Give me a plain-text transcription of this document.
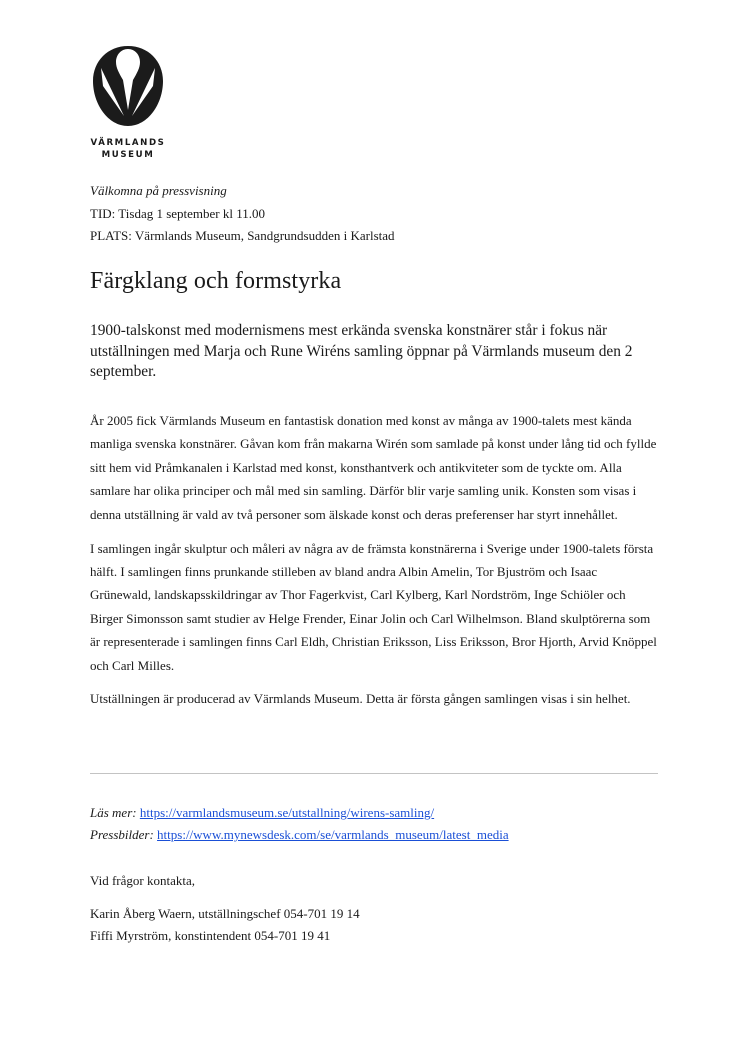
VÄRMLANDS
MUSEUM
Välkomna på pressvisning
TID: Tisdag 1 september kl 11.00
PLATS: Värmlands Museum, Sandgrundsudden i Karlstad
Färgklang och formstyrka

1900-talskonst med modernismens mest erkända svenska konstnärer står i fokus när utställningen med Marja och Rune Wiréns samling öppnar på Värmlands museum den 2 september.

År 2005 fick Värmlands Museum en fantastisk donation med konst av många av 1900-talets mest kända manliga svenska konstnärer. Gåvan kom från makarna Wirén som samlade på konst under lång tid och fyllde sitt hem vid Pråmkanalen i Karlstad med konst, konsthantverk och antikviteter som de tyckte om. Alla samlare har olika principer och mål med sin samling. Därför blir varje samling unik. Konsten som visas i denna utställning är vald av två personer som älskade konst och deras preferenser har styrt innehållet.

I samlingen ingår skulptur och måleri av några av de främsta konstnärerna i Sverige under 1900-talets första hälft. I samlingen finns prunkande stilleben av bland andra Albin Amelin, Tor Bjuström och Isaac Grünewald, landskapsskildringar av Thor Fagerkvist, Carl Kylberg, Karl Nordström, Inge Schiöler och Birger Simonsson samt studier av Helge Frender, Einar Jolin och Carl Wilhelmson. Bland skulptörerna som är representerade i samlingen finns Carl Eldh, Christian Eriksson, Liss Eriksson, Bror Hjorth, Arvid Knöppel och Carl Milles.

Utställningen är producerad av Värmlands Museum. Detta är första gången samlingen visas i sin helhet.

Läs mer: https://varmlandsmuseum.se/utstallning/wirens-samling/
Pressbilder: https://www.mynewsdesk.com/se/varmlands_museum/latest_media
Vid frågor kontakta,
Karin Åberg Waern, utställningschef 054-701 19 14
Fiffi Myrström, konstintendent 054-701 19 41
